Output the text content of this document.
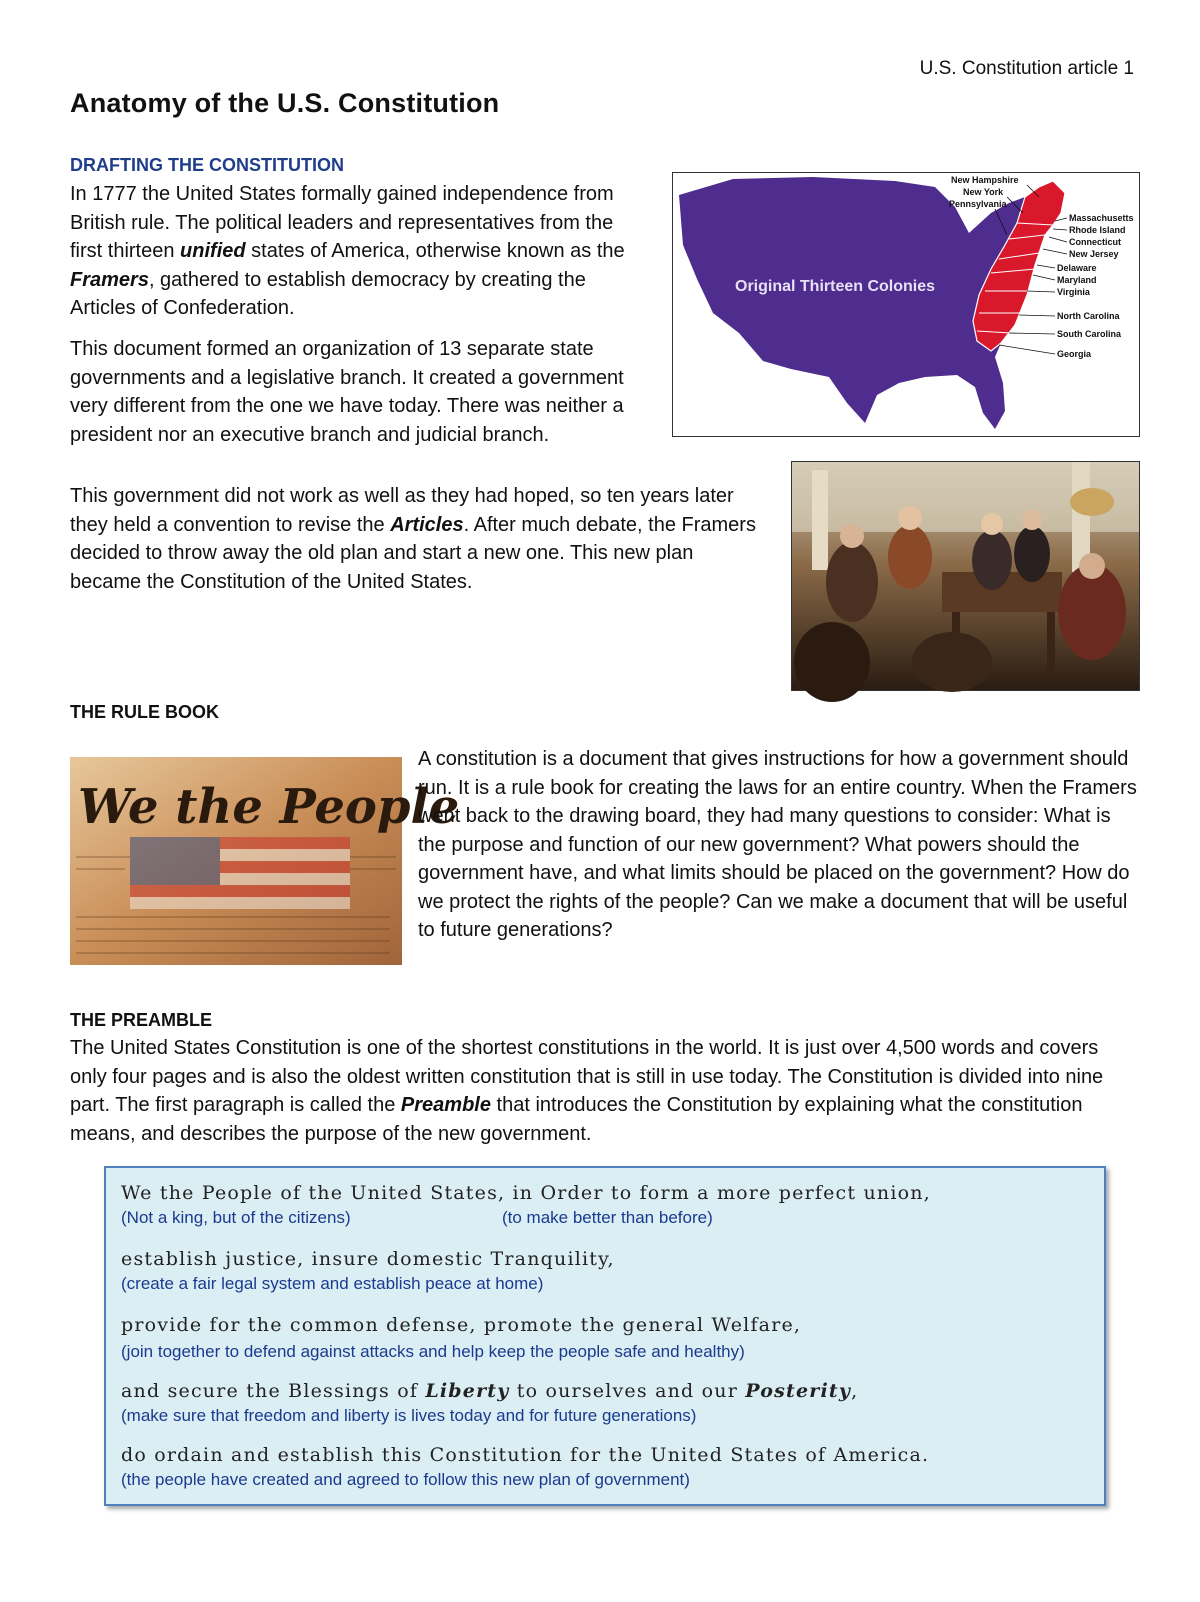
U.S. Constitution article 1
Anatomy of the U.S. Constitution
DRAFTING THE CONSTITUTION

In 1777 the United States formally gained independence from British rule. The political leaders and representatives from the first thirteen unified states of America, otherwise known as the Framers, gathered to establish democracy by creating the Articles of Confederation.

This document formed an organization of 13 separate state governments and a legislative branch. It created a government very different from the one we have today. There was neither a president nor an executive branch and judicial branch.

This government did not work as well as they had hoped, so ten years later they held a convention to revise the Articles. After much debate, the Framers decided to throw away the old plan and start a new one. This new plan became the Constitution of the United States.

Original Thirteen Colonies
New Hampshire
New York
Pennsylvania
Massachusetts
Rhode Island
Connecticut
New Jersey
Delaware
Maryland
Virginia
North Carolina
South Carolina
Georgia
THE RULE BOOK
We the People

A constitution is a document that gives instructions for how a government should run. It is a rule book for creating the laws for an entire country. When the Framers went back to the drawing board, they had many questions to consider: What is the purpose and function of our new government? What powers should the government have, and what limits should be placed on the government? How do we protect the rights of the people? Can we make a document that will be useful to future generations?

THE PREAMBLE

The United States Constitution is one of the shortest constitutions in the world. It is just over 4,500 words and covers only four pages and is also the oldest written constitution that is still in use today. The Constitution is divided into nine part. The first paragraph is called the Preamble that introduces the Constitution by explaining what the constitution means, and describes the purpose of the new government.

We the People of the United States, in Order to form a more perfect union,

(Not a king, but of the citizens)	(to make better than before)

establish justice, insure domestic Tranquility,

(create a fair legal system and establish peace at home)

provide for the common defense, promote the general Welfare,

(join together to defend against attacks and help keep the people safe and healthy)

and secure the Blessings of Liberty to ourselves and our Posterity,

(make sure that freedom and liberty is lives today and for future generations)

do ordain and establish this Constitution for the United States of America.

(the people have created and agreed to follow this new plan of government)
